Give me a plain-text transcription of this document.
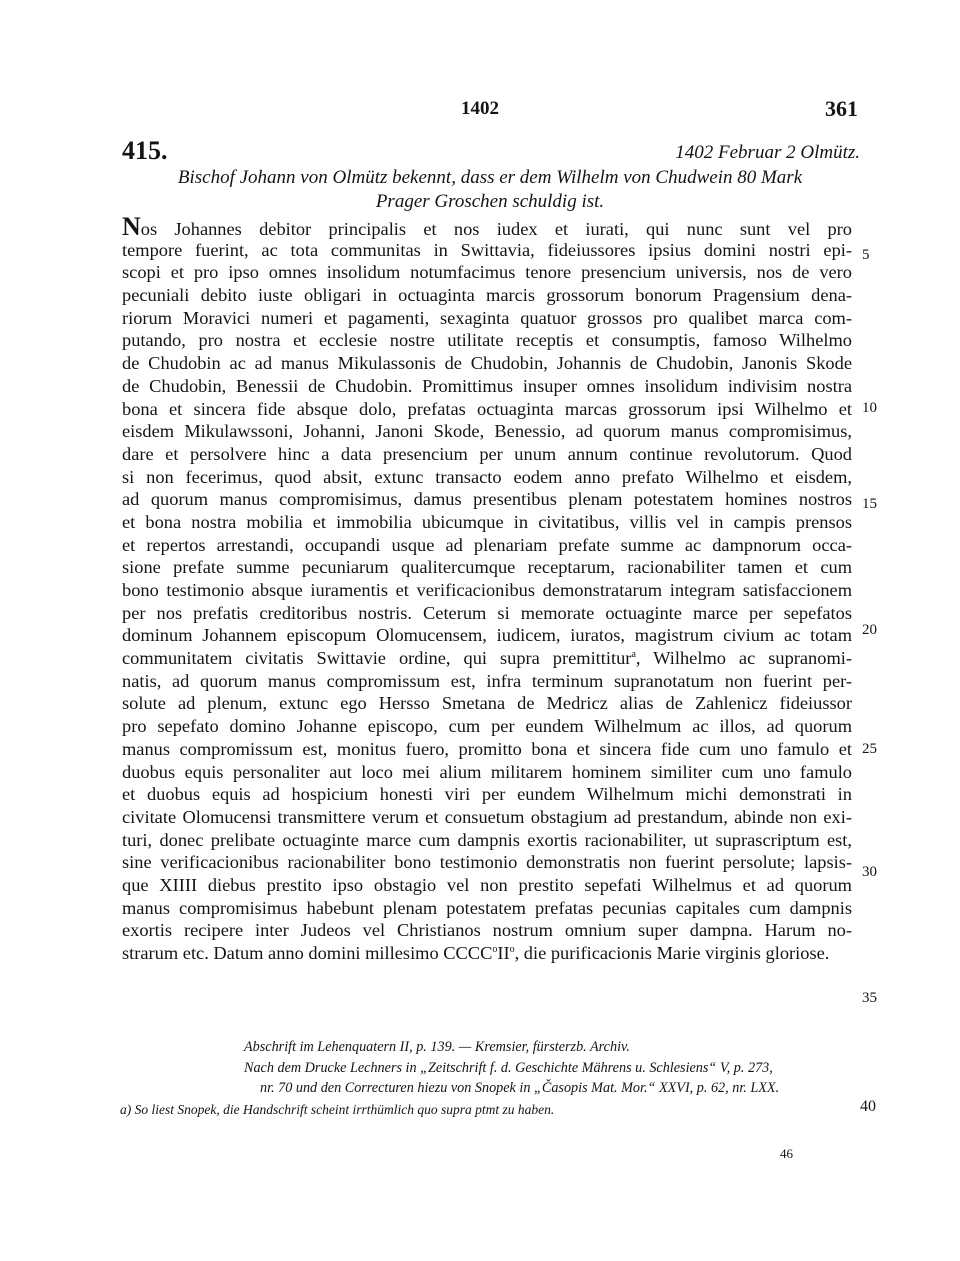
1402	361
415.	1402 Februar 2 Olmütz.
Bischof Johann von Olmütz bekennt, dass er dem Wilhelm von Chudwein 80 Mark
Prager Groschen schuldig ist.
Nos Johannes debitor principalis et nos iudex et iurati, qui nunc sunt vel pro
tempore fuerint, ac tota communitas in Swittavia, fideiussores ipsius domini nostri epi-
scopi et pro ipso omnes insolidum notumfacimus tenore presencium universis, nos de vero
pecuniali debito iuste obligari in octuaginta marcis grossorum bonorum Pragensium dena-
riorum Moravici numeri et pagamenti, sexaginta quatuor grossos pro qualibet marca com-
putando, pro nostra et ecclesie nostre utilitate receptis et consumptis, famoso Wilhelmo
de Chudobin ac ad manus Mikulassonis de Chudobin, Johannis de Chudobin, Janonis Skode
de Chudobin, Benessii de Chudobin. Promittimus insuper omnes insolidum indivisim nostra
bona et sincera fide absque dolo, prefatas octuaginta marcas grossorum ipsi Wilhelmo et
eisdem Mikulawssoni, Johanni, Janoni Skode, Benessio, ad quorum manus compromisimus,
dare et persolvere hinc a data presencium per unum annum continue revolutorum. Quod
si non fecerimus, quod absit, extunc transacto eodem anno prefato Wilhelmo et eisdem,
ad quorum manus compromisimus, damus presentibus plenam potestatem homines nostros
et bona nostra mobilia et immobilia ubicumque in civitatibus, villis vel in campis prensos
et repertos arrestandi, occupandi usque ad plenariam prefate summe ac dampnorum occa-
sione prefate summe pecuniarum qualitercumque receptarum, racionabiliter tamen et cum
bono testimonio absque iuramentis et verificacionibus demonstratarum integram satisfaccionem
per nos prefatis creditoribus nostris. Ceterum si memorate octuaginte marce per sepefatos
dominum Johannem episcopum Olomucensem, iudicem, iuratos, magistrum civium ac totam
communitatem civitatis Swittavie ordine, qui supra premittitur$^a$, Wilhelmo ac supranomi-
natis, ad quorum manus compromissum est, infra terminum supranotatum non fuerint per-
solute ad plenum, extunc ego Hersso Smetana de Medricz alias de Zahlenicz fideiussor
pro sepefato domino Johanne episcopo, cum per eundem Wilhelmum ac illos, ad quorum
manus compromissum est, monitus fuero, promitto bona et sincera fide cum uno famulo et
duobus equis personaliter aut loco mei alium militarem hominem similiter cum uno famulo
et duobus equis ad hospicium honesti viri per eundem Wilhelmum michi demonstrati in
civitate Olomucensi transmittere verum et consuetum obstagium ad prestandum, abinde non exi-
turi, donec prelibate octuaginte marce cum dampnis exortis racionabiliter, ut suprascriptum est,
sine verificacionibus racionabiliter bono testimonio demonstratis non fuerint persolute; lapsis-
que XIIII diebus prestito ipso obstagio vel non prestito sepefati Wilhelmus et ad quorum
manus compromisimus habebunt plenam potestatem prefatas pecunias capitales cum dampnis
exortis recipere inter Judeos vel Christianos nostrum omnium super dampna. Harum no-
strarum etc. Datum anno domini millesimo $CCCC^oII^o$, die purificacionis Marie virginis gloriose.
5
10
15
20
25
30
35
Abschrift im Lehenquatern II, p. 139. — Kremsier, fürsterzb. Archiv.
Nach dem Drucke Lechners in „Zeitschrift f. d. Geschichte Mährens u. Schlesiens“ V, p. 273,
nr. 70 und den Correcturen hiezu von Snopek in „Časopis Mat. Mor.“ XXVI, p. 62, nr. LXX.
a) So liest Snopek, die Handschrift scheint irrthümlich quo supra ptmt zu haben.	40
46
